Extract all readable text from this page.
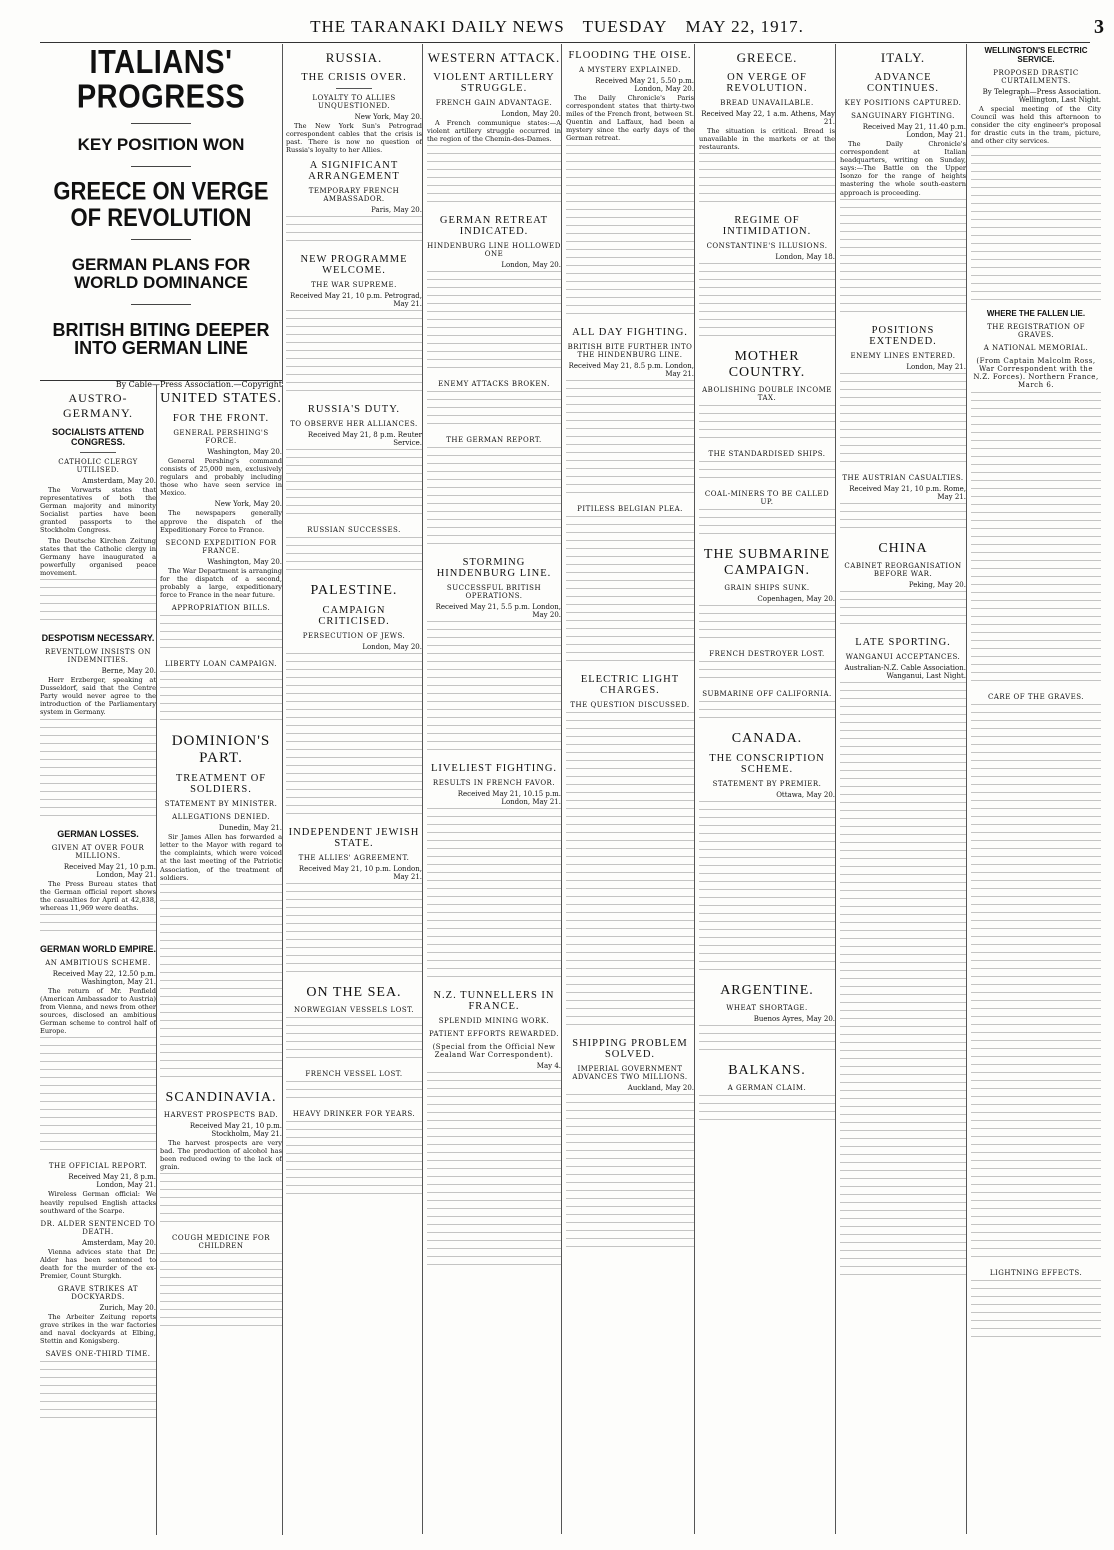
THE TARANAKI DAILY NEWS TUESDAY MAY 22, 1917.	3
ITALIANS' PROGRESS
KEY POSITION WON
GREECE ON VERGE OF REVOLUTION
GERMAN PLANS FOR WORLD DOMINANCE
BRITISH BITING DEEPER INTO GERMAN LINE
By Cable—Press Association.—Copyright
AUSTRO-GERMANY.
SOCIALISTS ATTEND CONGRESS.
CATHOLIC CLERGY UTILISED.
Amsterdam, May 20.

The Vorwarts states that representatives of both the German majority and minority Socialist parties have been granted passports to the Stockholm Congress.

The Deutsche Kirchen Zeitung states that the Catholic clergy in Germany have inaugurated a powerfully organised peace movement.

DESPOTISM NECESSARY.
REVENTLOW INSISTS ON INDEMNITIES.
Berne, May 20.

Herr Erzberger, speaking at Dusseldorf, said that the Centre Party would never agree to the introduction of the Parliamentary system in Germany.

GERMAN LOSSES.
GIVEN AT OVER FOUR MILLIONS.
Received May 21, 10 p.m. London, May 21.

The Press Bureau states that the German official report shows the casualties for April at 42,838, whereas 11,969 were deaths.

GERMAN WORLD EMPIRE.
AN AMBITIOUS SCHEME.
Received May 22, 12.50 p.m. Washington, May 21.

The return of Mr. Penfield (American Ambassador to Austria) from Vienna, and news from other sources, disclosed an ambitious German scheme to control half of Europe.

THE OFFICIAL REPORT.
Received May 21, 8 p.m. London, May 21.

Wireless German official: We heavily repulsed English attacks southward of the Scarpe.

DR. ALDER SENTENCED TO DEATH.
Amsterdam, May 20.

Vienna advices state that Dr. Alder has been sentenced to death for the murder of the ex-Premier, Count Sturgkh.

GRAVE STRIKES AT DOCKYARDS.
Zurich, May 20.

The Arbeiter Zeitung reports grave strikes in the war factories and naval dockyards at Elbing, Stettin and Konigsberg.

SAVES ONE-THIRD TIME.
UNITED STATES.
FOR THE FRONT.
GENERAL PERSHING'S FORCE.
Washington, May 20.

General Pershing's command consists of 25,000 men, exclusively regulars and probably including those who have seen service in Mexico.

New York, May 20.

The newspapers generally approve the dispatch of the Expeditionary Force to France.

SECOND EXPEDITION FOR FRANCE.
Washington, May 20.

The War Department is arranging for the dispatch of a second, probably a large, expeditionary force to France in the near future.

APPROPRIATION BILLS.
LIBERTY LOAN CAMPAIGN.
DOMINION'S PART.
TREATMENT OF SOLDIERS.
STATEMENT BY MINISTER.
ALLEGATIONS DENIED.
Dunedin, May 21.

Sir James Allen has forwarded a letter to the Mayor with regard to the complaints, which were voiced at the last meeting of the Patriotic Association, of the treatment of soldiers.

SCANDINAVIA.
HARVEST PROSPECTS BAD.
Received May 21, 10 p.m. Stockholm, May 21.

The harvest prospects are very bad. The production of alcohol has been reduced owing to the lack of grain.

COUGH MEDICINE FOR CHILDREN
RUSSIA.
THE CRISIS OVER.
LOYALTY TO ALLIES UNQUESTIONED.
New York, May 20.

The New York Sun's Petrograd correspondent cables that the crisis is past. There is now no question of Russia's loyalty to her Allies.

A SIGNIFICANT ARRANGEMENT
TEMPORARY FRENCH AMBASSADOR.
Paris, May 20.
NEW PROGRAMME WELCOME.
THE WAR SUPREME.
Received May 21, 10 p.m. Petrograd, May 21.
RUSSIA'S DUTY.
TO OBSERVE HER ALLIANCES.
Received May 21, 8 p.m. Reuter Service.
RUSSIAN SUCCESSES.
PALESTINE.
CAMPAIGN CRITICISED.
PERSECUTION OF JEWS.
London, May 20.
INDEPENDENT JEWISH STATE.
THE ALLIES' AGREEMENT.
Received May 21, 10 p.m. London, May 21.
ON THE SEA.
NORWEGIAN VESSELS LOST.
FRENCH VESSEL LOST.
HEAVY DRINKER FOR YEARS.
WESTERN ATTACK.
VIOLENT ARTILLERY STRUGGLE.
FRENCH GAIN ADVANTAGE.
London, May 20.

A French communique states:—A violent artillery struggle occurred in the region of the Chemin-des-Dames.

GERMAN RETREAT INDICATED.
HINDENBURG LINE HOLLOWED ONE
London, May 20.
ENEMY ATTACKS BROKEN.
THE GERMAN REPORT.
STORMING HINDENBURG LINE.
SUCCESSFUL BRITISH OPERATIONS.
Received May 21, 5.5 p.m. London, May 20.
LIVELIEST FIGHTING.
RESULTS IN FRENCH FAVOR.
Received May 21, 10.15 p.m. London, May 21.
N.Z. TUNNELLERS IN FRANCE.
SPLENDID MINING WORK.
PATIENT EFFORTS REWARDED.
(Special from the Official New Zealand War Correspondent).
May 4.
FLOODING THE OISE.
A MYSTERY EXPLAINED.
Received May 21, 5.50 p.m. London, May 20.

The Daily Chronicle's Paris correspondent states that thirty-two miles of the French front, between St. Quentin and Laffaux, had been a mystery since the early days of the German retreat.

ALL DAY FIGHTING.
BRITISH BITE FURTHER INTO THE HINDENBURG LINE.
Received May 21, 8.5 p.m. London, May 21.
PITILESS BELGIAN PLEA.
ELECTRIC LIGHT CHARGES.
THE QUESTION DISCUSSED.
SHIPPING PROBLEM SOLVED.
IMPERIAL GOVERNMENT ADVANCES TWO MILLIONS.
Auckland, May 20.
GREECE.
ON VERGE OF REVOLUTION.
BREAD UNAVAILABLE.
Received May 22, 1 a.m. Athens, May 21.

The situation is critical. Bread is unavailable in the markets or at the restaurants.

REGIME OF INTIMIDATION.
CONSTANTINE'S ILLUSIONS.
London, May 18.
MOTHER COUNTRY.
ABOLISHING DOUBLE INCOME TAX.
THE STANDARDISED SHIPS.
COAL-MINERS TO BE CALLED UP.
THE SUBMARINE CAMPAIGN.
GRAIN SHIPS SUNK.
Copenhagen, May 20.
FRENCH DESTROYER LOST.
SUBMARINE OFF CALIFORNIA.
CANADA.
THE CONSCRIPTION SCHEME.
STATEMENT BY PREMIER.
Ottawa, May 20.
ARGENTINE.
WHEAT SHORTAGE.
Buenos Ayres, May 20.
BALKANS.
A GERMAN CLAIM.
ITALY.
ADVANCE CONTINUES.
KEY POSITIONS CAPTURED.
SANGUINARY FIGHTING.
Received May 21, 11.40 p.m. London, May 21.

The Daily Chronicle's correspondent at Italian headquarters, writing on Sunday, says:—The Battle on the Upper Isonzo for the range of heights mastering the whole south-eastern approach is proceeding.

POSITIONS EXTENDED.
ENEMY LINES ENTERED.
London, May 21.
THE AUSTRIAN CASUALTIES.
Received May 21, 10 p.m. Rome, May 21.
CHINA
CABINET REORGANISATION BEFORE WAR.
Peking, May 20.
LATE SPORTING.
WANGANUI ACCEPTANCES.
Australian-N.Z. Cable Association. Wanganui, Last Night.
WELLINGTON'S ELECTRIC SERVICE.
PROPOSED DRASTIC CURTAILMENTS.
By Telegraph—Press Association. Wellington, Last Night.

A special meeting of the City Council was held this afternoon to consider the city engineer's proposal for drastic cuts in the tram, picture, and other city services.

WHERE THE FALLEN LIE.
THE REGISTRATION OF GRAVES.
A NATIONAL MEMORIAL.
(From Captain Malcolm Ross, War Correspondent with the N.Z. Forces). Northern France, March 6.
CARE OF THE GRAVES.
LIGHTNING EFFECTS.
